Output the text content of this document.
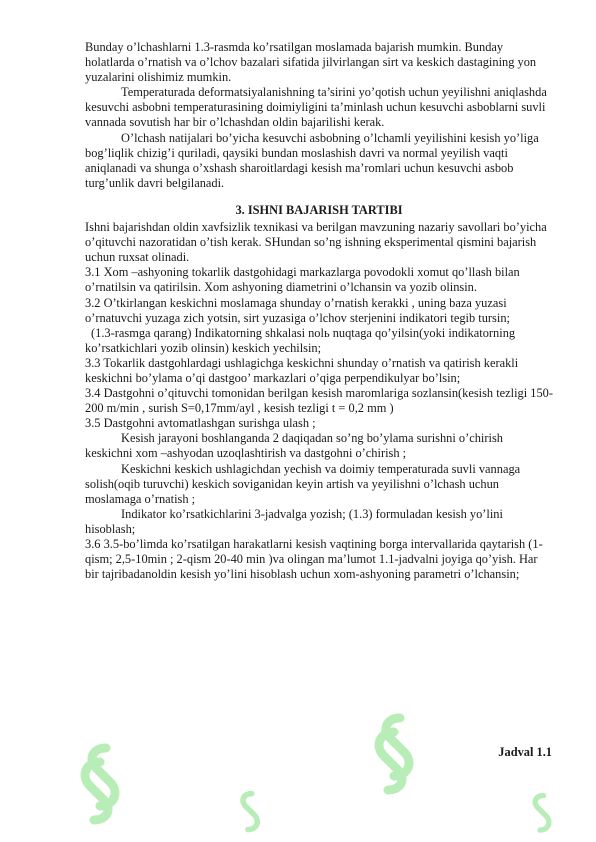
Bunday o’lchashlarni 1.3-rasmda ko’rsatilgan moslamada bajarish mumkin. Bunday holatlarda o’rnatish va o’lchov bazalari sifatida jilvirlangan sirt va keskich dastagining yon yuzalarini olishimiz mumkin.

Temperaturada deformatsiyalanishning ta’sirini yo’qotish uchun yeyilishni aniqlashda kesuvchi asbobni temperaturasining doimiyligini ta’minlash uchun kesuvchi asboblarni suvli vannada sovutish har bir o’lchashdan oldin bajarilishi kerak.

O’lchash natijalari bo’yicha kesuvchi asbobning o’lchamli yeyilishini kesish yo’liga bog’liqlik chizig’i quriladi, qaysiki bundan moslashish davri va normal yeyilish vaqti aniqlanadi va shunga o’xshash sharoitlardagi kesish ma’romlari uchun kesuvchi asbob turg’unlik davri belgilanadi.

3. ISHNI BAJARISH TARTIBI

Ishni bajarishdan oldin xavfsizlik texnikasi va berilgan mavzuning nazariy savollari bo’yicha o’qituvchi nazoratidan o’tish kerak. SHundan so’ng ishning eksperimental qismini bajarish uchun ruxsat olinadi.

3.1 Xom –ashyoning tokarlik dastgohidagi markazlarga povodokli xomut qo’llash bilan o’rnatilsin va qatirilsin. Xom ashyoning diametrini o’lchansin va yozib olinsin.

3.2 O’tkirlangan keskichni moslamaga shunday o’rnatish kerakki , uning baza yuzasi o’rnatuvchi yuzaga zich yotsin, sirt yuzasiga o’lchov sterjenini indikatori tegib tursin;

(1.3-rasmga qarang) Indikatorning shkalasi nolь nuqtaga qo’yilsin(yoki indikatorning ko’rsatkichlari yozib olinsin) keskich yechilsin;

3.3 Tokarlik dastgohlardagi ushlagichga keskichni shunday o’rnatish va qatirish kerakli keskichni bo’ylama o’qi dastgoo’ markazlari o’qiga perpendikulyar bo’lsin;

3.4 Dastgohni o’qituvchi tomonidan berilgan kesish maromlariga sozlansin(kesish tezligi 150-200 m/min , surish S=0,17mm/ayl , kesish tezligi t = 0,2 mm )

3.5 Dastgohni avtomatlashgan surishga ulash ;

Kesish jarayoni boshlanganda 2 daqiqadan so’ng bo’ylama surishni o’chirish keskichni xom –ashyodan uzoqlashtirish va dastgohni o’chirish ;

Keskichni keskich ushlagichdan yechish va doimiy temperaturada suvli vannaga solish(oqib turuvchi) keskich soviganidan keyin artish va yeyilishni o’lchash uchun moslamaga o’rnatish ;

Indikator ko’rsatkichlarini 3-jadvalga yozish; (1.3) formuladan kesish yo’lini hisoblash;

3.6 3.5-bo’limda ko’rsatilgan harakatlarni kesish vaqtining borga intervallarida qaytarish (1-qism; 2,5-10min ; 2-qism 20-40 min )va olingan ma’lumot 1.1-jadvalni joyiga qo’yish. Har bir tajribadanoldin kesish yo’lini hisoblash uchun xom-ashyoning parametri o’lchansin;

Jadval 1.1
